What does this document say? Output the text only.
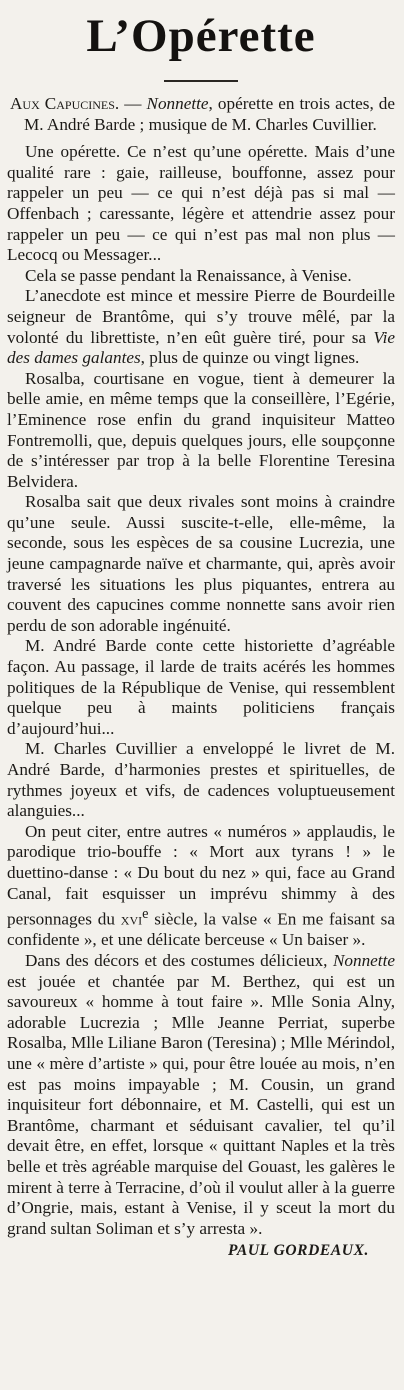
L’Opérette

Aux Capucines. — Nonnette, opérette en trois actes, de M. André Barde ; musique de M. Charles Cuvillier.

Une opérette. Ce n’est qu’une opérette. Mais d’une qualité rare : gaie, railleuse, bouffonne, assez pour rappeler un peu — ce qui n’est déjà pas si mal — Offenbach ; caressante, légère et attendrie assez pour rappeler un peu — ce qui n’est pas mal non plus — Lecocq ou Messager...

Cela se passe pendant la Renaissance, à Venise.

L’anecdote est mince et messire Pierre de Bourdeille seigneur de Brantôme, qui s’y trouve mêlé, par la volonté du librettiste, n’en eût guère tiré, pour sa Vie des dames galantes, plus de quinze ou vingt lignes.

Rosalba, courtisane en vogue, tient à demeurer la belle amie, en même temps que la conseillère, l’Egérie, l’Eminence rose enfin du grand inquisiteur Matteo Fontremolli, que, depuis quelques jours, elle soupçonne de s’intéresser par trop à la belle Florentine Teresina Belvidera.

Rosalba sait que deux rivales sont moins à craindre qu’une seule. Aussi suscite-t-elle, elle-même, la seconde, sous les espèces de sa cousine Lucrezia, une jeune campagnarde naïve et charmante, qui, après avoir traversé les situations les plus piquantes, entrera au couvent des capucines comme nonnette sans avoir rien perdu de son adorable ingénuité.

M. André Barde conte cette historiette d’agréable façon. Au passage, il larde de traits acérés les hommes politiques de la République de Venise, qui ressemblent quelque peu à maints politiciens français d’aujourd’hui...

M. Charles Cuvillier a enveloppé le livret de M. André Barde, d’harmonies prestes et spirituelles, de rythmes joyeux et vifs, de cadences voluptueusement alanguies...

On peut citer, entre autres « numéros » applaudis, le parodique trio-bouffe : « Mort aux tyrans ! » le duettino-danse : « Du bout du nez » qui, face au Grand Canal, fait esquisser un imprévu shimmy à des personnages du xvi$^e$ siècle, la valse « En me faisant sa confidente », et une délicate berceuse « Un baiser ».

Dans des décors et des costumes délicieux, Nonnette est jouée et chantée par M. Berthez, qui est un savoureux « homme à tout faire ». Mlle Sonia Alny, adorable Lucrezia ; Mlle Jeanne Perriat, superbe Rosalba, Mlle Liliane Baron (Teresina) ; Mlle Mérindol, une « mère d’artiste » qui, pour être louée au mois, n’en est pas moins impayable ; M. Cousin, un grand inquisiteur fort débonnaire, et M. Castelli, qui est un Brantôme, charmant et séduisant cavalier, tel qu’il devait être, en effet, lorsque « quittant Naples et la très belle et très agréable marquise del Gouast, les galères le mirent à terre à Terracine, d’où il voulut aller à la guerre d’Ongrie, mais, estant à Venise, il y sceut la mort du grand sultan Soliman et s’y arresta ».

PAUL GORDEAUX.
